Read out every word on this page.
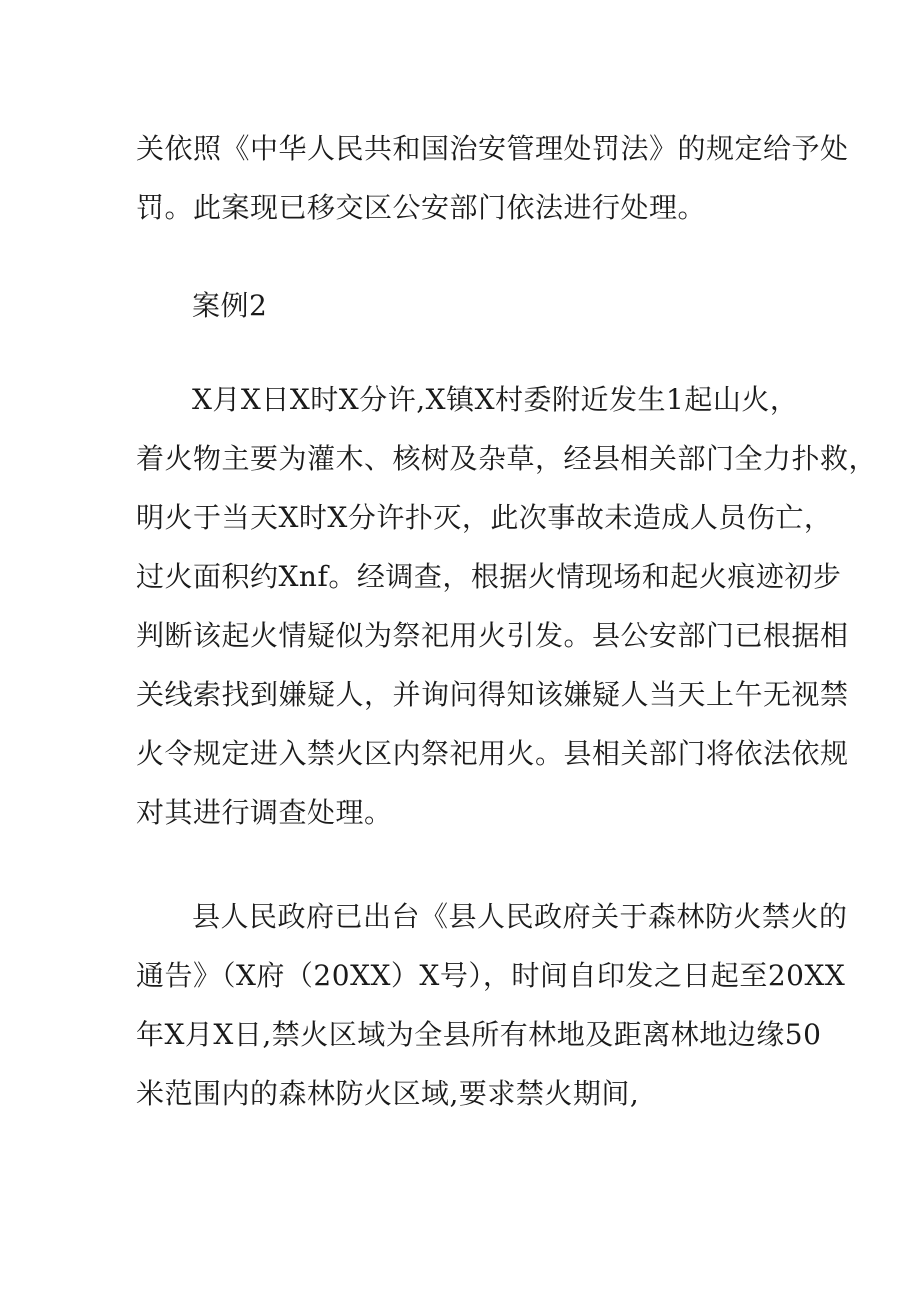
关依照《中华人民共和国治安管理处罚法》的规定给予处
罚。此案现已移交区公安部门依法进行处理。
案例2
X月X日X时X分许,X镇X村委附近发生1起山火，
着火物主要为灌木、核树及杂草，经县相关部门全力扑救，
明火于当天X时X分许扑灭，此次事故未造成人员伤亡，
过火面积约Xnf。经调查，根据火情现场和起火痕迹初步
判断该起火情疑似为祭祀用火引发。县公安部门已根据相
关线索找到嫌疑人，并询问得知该嫌疑人当天上午无视禁
火令规定进入禁火区内祭祀用火。县相关部门将依法依规
对其进行调查处理。
县人民政府已出台《县人民政府关于森林防火禁火的
通告》（X府（20XX）X号），时间自印发之日起至20XX
年X月X日,禁火区域为全县所有林地及距离林地边缘50
米范围内的森林防火区域,要求禁火期间,
